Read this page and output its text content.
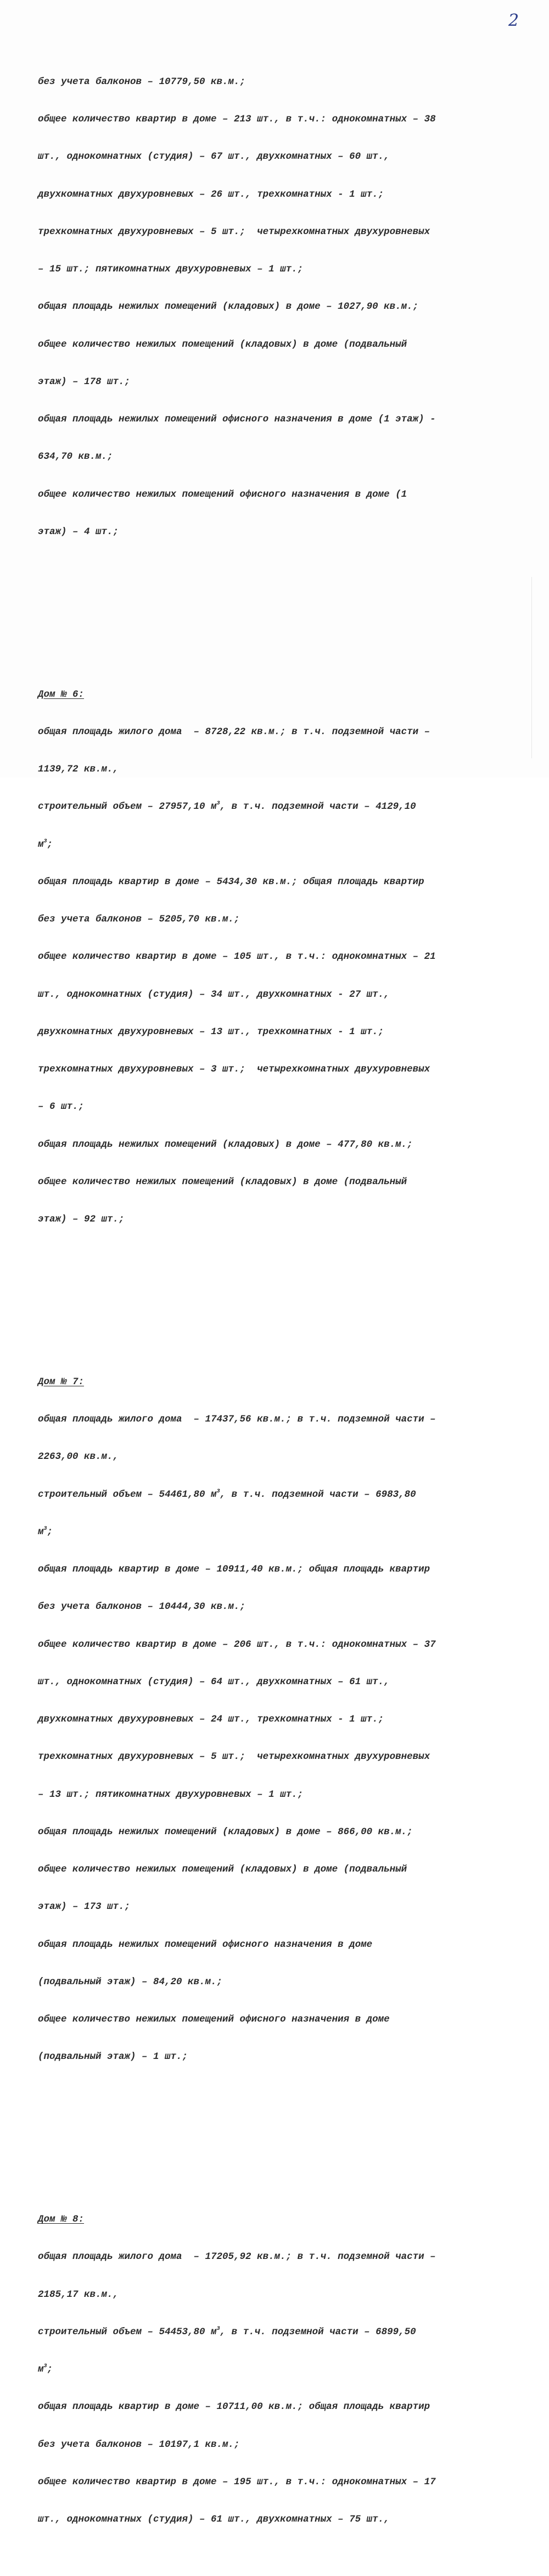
2

без учета балконов – 10779,50 кв.м.;

общее количество квартир в доме – 213 шт., в т.ч.: однокомнатных – 38

шт., однокомнатных (студия) – 67 шт., двухкомнатных – 60 шт.,

двухкомнатных двухуровневых – 26 шт., трехкомнатных - 1 шт.;

трехкомнатных двухуровневых – 5 шт.;  четырехкомнатных двухуровневых

– 15 шт.; пятикомнатных двухуровневых – 1 шт.;

общая площадь нежилых помещений (кладовых) в доме – 1027,90 кв.м.;

общее количество нежилых помещений (кладовых) в доме (подвальный

этаж) – 178 шт.;

общая площадь нежилых помещений офисного назначения в доме (1 этаж) -

634,70 кв.м.;

общее количество нежилых помещений офисного назначения в доме (1

этаж) – 4 шт.;

Дом № 6:

общая площадь жилого дома  – 8728,22 кв.м.; в т.ч. подземной части –

1139,72 кв.м.,

строительный объем – 27957,10 $м^3$, в т.ч. подземной части – 4129,10

$м^3$;

общая площадь квартир в доме – 5434,30 кв.м.; общая площадь квартир

без учета балконов – 5205,70 кв.м.;

общее количество квартир в доме – 105 шт., в т.ч.: однокомнатных – 21

шт., однокомнатных (студия) – 34 шт., двухкомнатных - 27 шт.,

двухкомнатных двухуровневых – 13 шт., трехкомнатных - 1 шт.;

трехкомнатных двухуровневых – 3 шт.;  четырехкомнатных двухуровневых

– 6 шт.;

общая площадь нежилых помещений (кладовых) в доме – 477,80 кв.м.;

общее количество нежилых помещений (кладовых) в доме (подвальный

этаж) – 92 шт.;

Дом № 7:

общая площадь жилого дома  – 17437,56 кв.м.; в т.ч. подземной части –

2263,00 кв.м.,

строительный объем – 54461,80 $м^3$, в т.ч. подземной части – 6983,80

$м^3$;

общая площадь квартир в доме – 10911,40 кв.м.; общая площадь квартир

без учета балконов – 10444,30 кв.м.;

общее количество квартир в доме – 206 шт., в т.ч.: однокомнатных – 37

шт., однокомнатных (студия) – 64 шт., двухкомнатных – 61 шт.,

двухкомнатных двухуровневых – 24 шт., трехкомнатных - 1 шт.;

трехкомнатных двухуровневых – 5 шт.;  четырехкомнатных двухуровневых

– 13 шт.; пятикомнатных двухуровневых – 1 шт.;

общая площадь нежилых помещений (кладовых) в доме – 866,00 кв.м.;

общее количество нежилых помещений (кладовых) в доме (подвальный

этаж) – 173 шт.;

общая площадь нежилых помещений офисного назначения в доме

(подвальный этаж) – 84,20 кв.м.;

общее количество нежилых помещений офисного назначения в доме

(подвальный этаж) – 1 шт.;

Дом № 8:

общая площадь жилого дома  – 17205,92 кв.м.; в т.ч. подземной части –

2185,17 кв.м.,

строительный объем – 54453,80 $м^3$, в т.ч. подземной части – 6899,50

$м^3$;

общая площадь квартир в доме – 10711,00 кв.м.; общая площадь квартир

без учета балконов – 10197,1 кв.м.;

общее количество квартир в доме – 195 шт., в т.ч.: однокомнатных – 17

шт., однокомнатных (студия) – 61 шт., двухкомнатных – 75 шт.,
